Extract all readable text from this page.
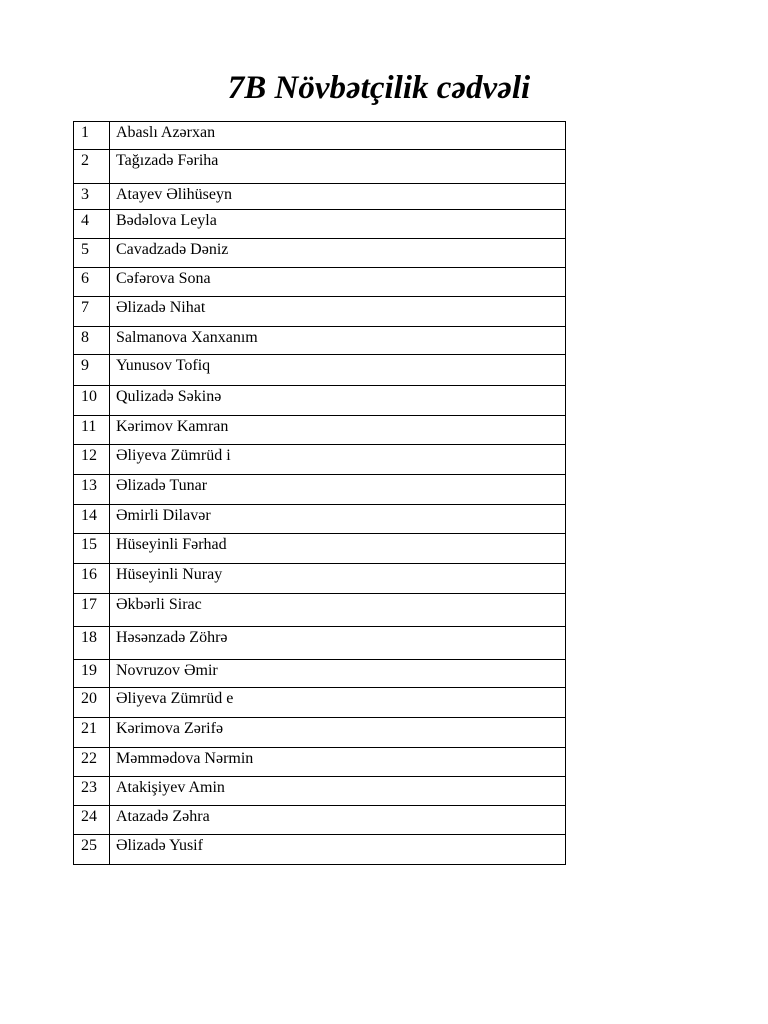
7B Növbətçilik cədvəli
1	Abaslı Azərxan
2	Tağızadə Fəriha
3	Atayev Əlihüseyn
4	Bədəlova Leyla
5	Cavadzadə Dəniz
6	Cəfərova Sona
7	Əlizadə Nihat
8	Salmanova Xanxanım
9	Yunusov Tofiq
10	Qulizadə Səkinə
11	Kərimov Kamran
12	Əliyeva Zümrüd i
13	Əlizadə Tunar
14	Əmirli Dilavər
15	Hüseyinli Fərhad
16	Hüseyinli Nuray
17	Əkbərli Sirac
18	Həsənzadə Zöhrə
19	Novruzov Əmir
20	Əliyeva Zümrüd e
21	Kərimova Zərifə
22	Məmmədova Nərmin
23	Atakişiyev Amin
24	Atazadə Zəhra
25	Əlizadə Yusif
